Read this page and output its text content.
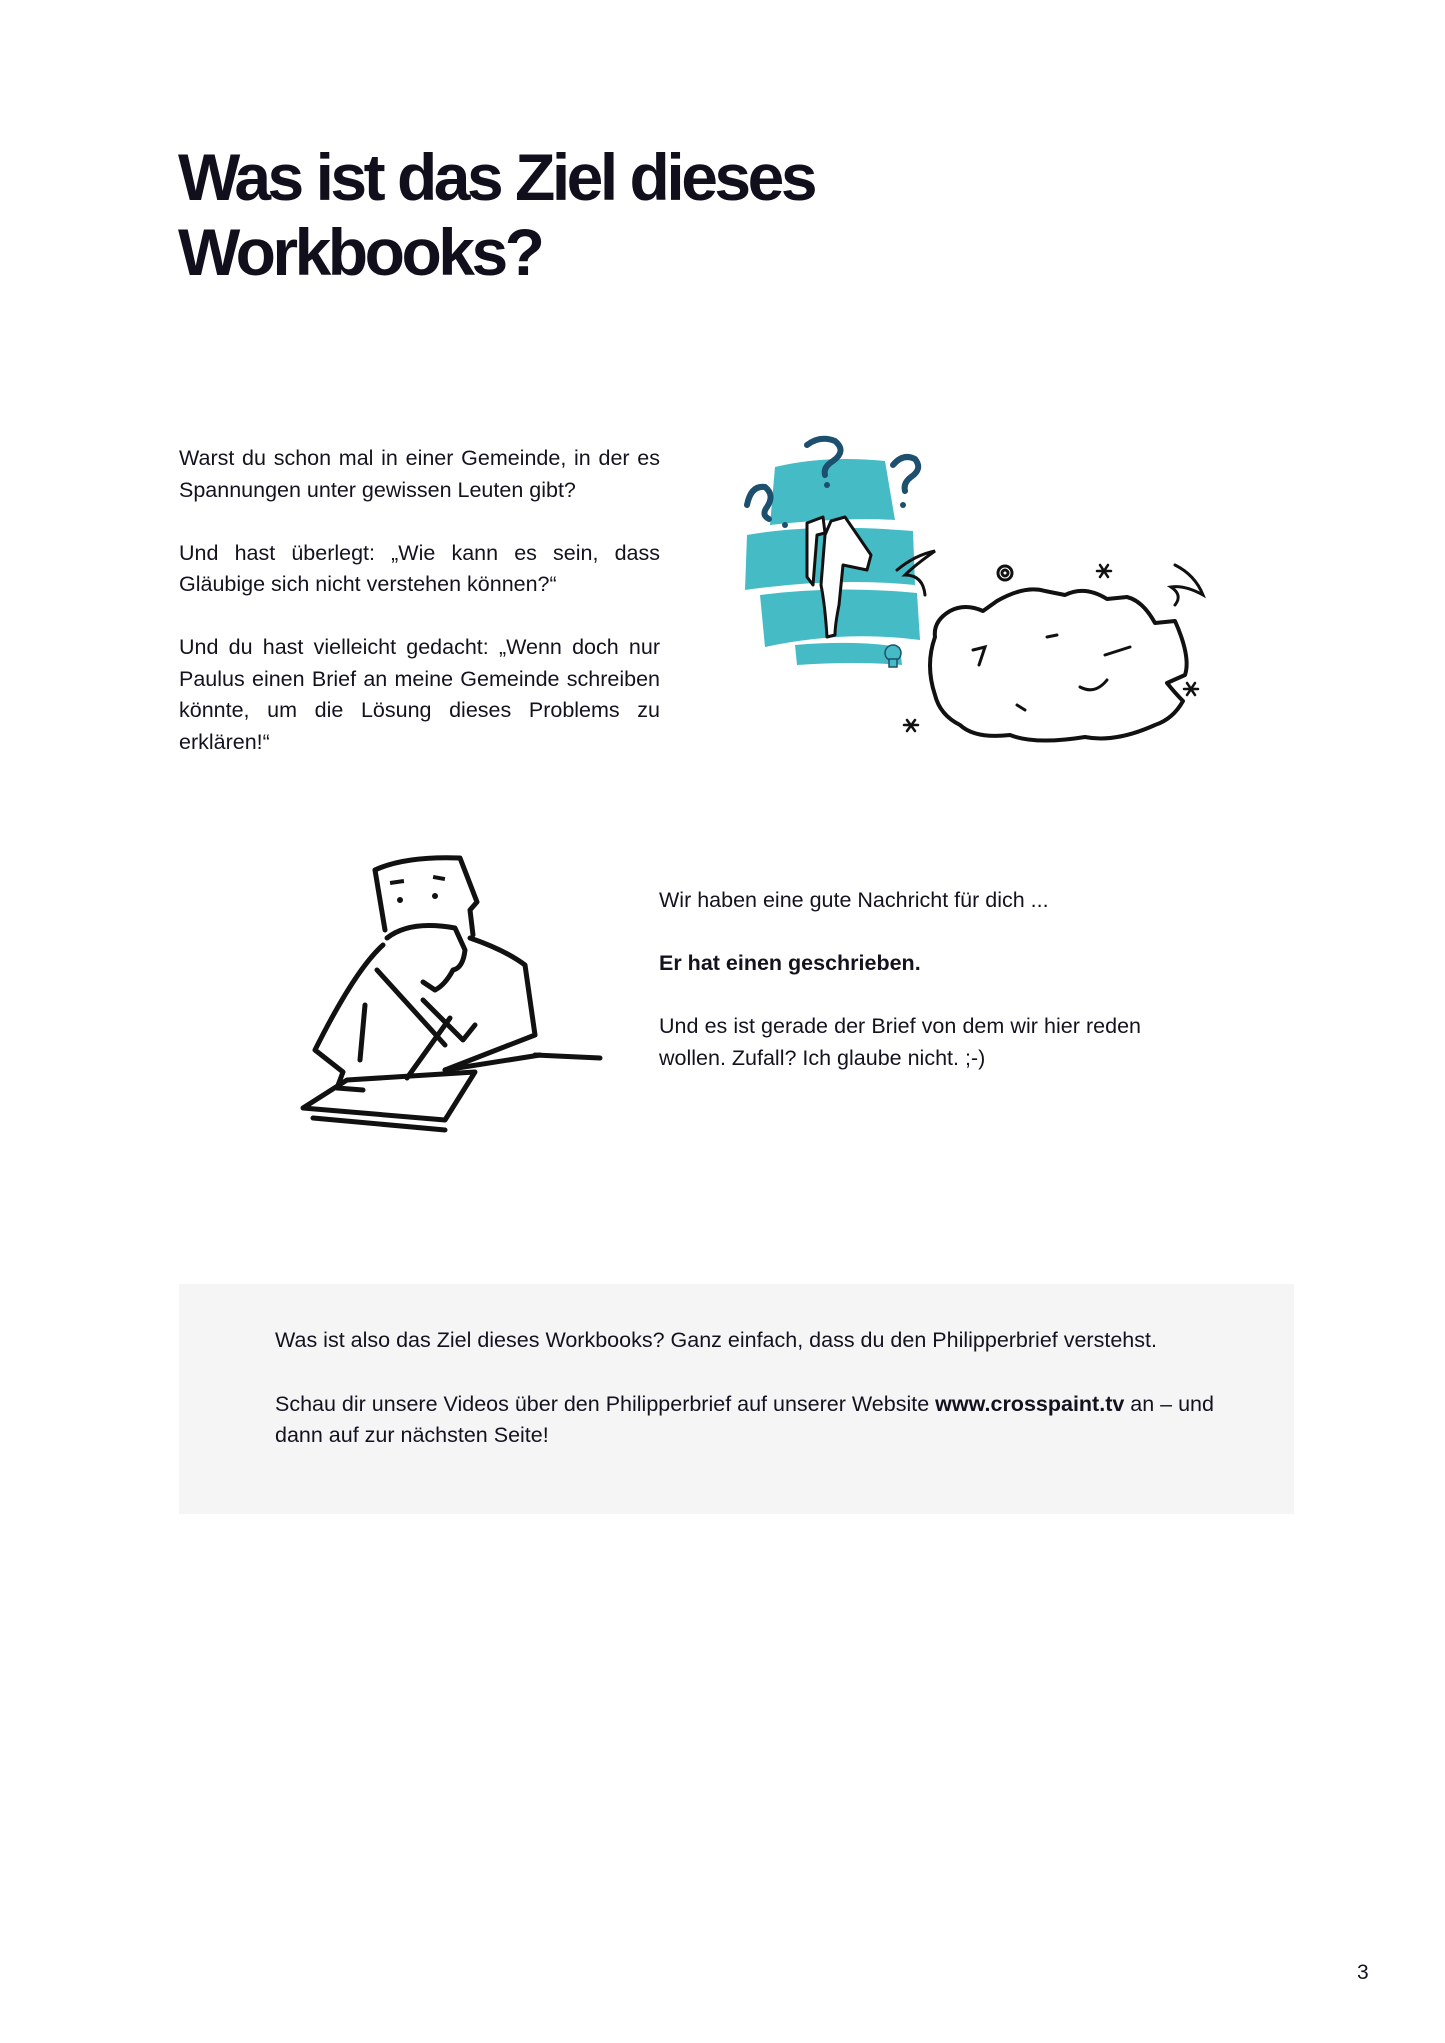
Was ist das Ziel dieses
Workbooks?

Warst du schon mal in einer Gemeinde, in der es Spannungen unter gewissen Leuten gibt?

Und hast überlegt: „Wie kann es sein, dass Gläubige sich nicht verstehen können?“

Und du hast vielleicht gedacht: „Wenn doch nur Paulus einen Brief an meine Gemeinde schreiben könnte, um die Lösung dieses Problems zu erklären!“

Wir haben eine gute Nachricht für dich ...

Er hat einen geschrieben.

Und es ist gerade der Brief von dem wir hier reden wollen. Zufall? Ich glaube nicht. ;-)

Was ist also das Ziel dieses Workbooks? Ganz einfach, dass du den Philipperbrief verstehst.

Schau dir unsere Videos über den Philipperbrief auf unserer Website www.crosspaint.tv an – und dann auf zur nächsten Seite!

3
